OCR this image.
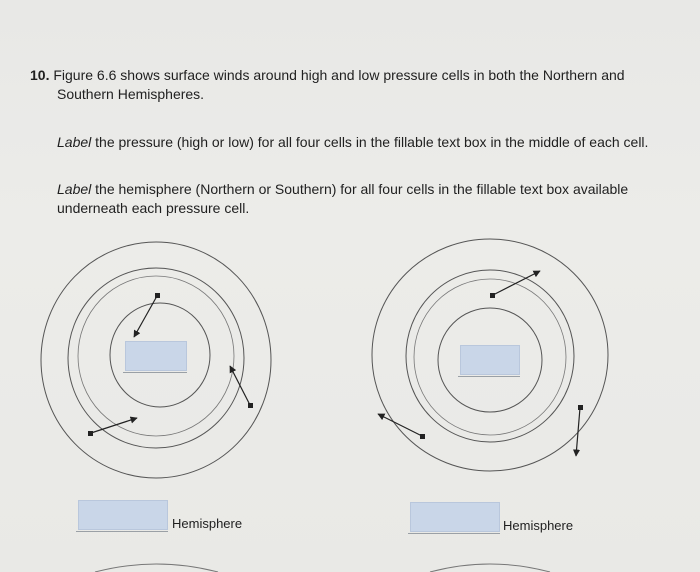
10. Figure 6.6 shows surface winds around high and low pressure cells in both the Northern and
Southern Hemispheres.
Label the pressure (high or low) for all four cells in the fillable text box in the middle of each cell.
Label the hemisphere (Northern or Southern) for all four cells in the fillable text box available
underneath each pressure cell.
Hemisphere	Hemisphere
